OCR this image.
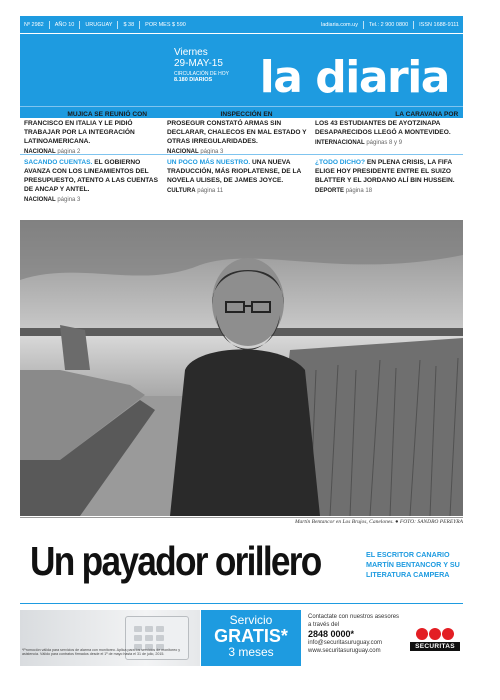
Nº 2982 AÑO 10 URUGUAY $ 38 POR MES $ 590	ladiaria.com.uy Tel.: 2 900 0800 ISSN 1688-9111
Viernes
29-MAY-15
CIRCULACIÓN DE HOY
8.180 DIARIOS	la diaria
NO ES PAPA. MUJICA SE REUNIÓ CON FRANCISCO EN ITALIA Y LE PIDIÓ TRABAJAR POR LA INTEGRACIÓN LATINOAMERICANA.
NACIONAL página 2
POCO SEGURO. INSPECCIÓN EN PROSEGUR CONSTATÓ ARMAS SIN DECLARAR, CHALECOS EN MAL ESTADO Y OTRAS IRREGULARIDADES.
NACIONAL página 3
DE SETIEMBRE A MAYO. LA CARAVANA POR LOS 43 ESTUDIANTES DE AYOTZINAPA DESAPARECIDOS LLEGÓ A MONTEVIDEO.
INTERNACIONAL páginas 8 y 9
SACANDO CUENTAS. EL GOBIERNO AVANZA CON LOS LINEAMIENTOS DEL PRESUPUESTO, ATENTO A LAS CUENTAS DE ANCAP Y ANTEL.
NACIONAL página 3
UN POCO MÁS NUESTRO. UNA NUEVA TRADUCCIÓN, MÁS RIOPLATENSE, DE LA NOVELA ULISES, DE JAMES JOYCE.
CULTURA página 11
¿TODO DICHO? EN PLENA CRISIS, LA FIFA ELIGE HOY PRESIDENTE ENTRE EL SUIZO BLATTER Y EL JORDANO ALÍ BIN HUSSEIN.
DEPORTE página 18
Martín Bentancor en Los Brujos, Canelones. ● FOTO: SANDRO PEREYRA
Un payador orillero	EL ESCRITOR CANARIO MARTÍN BENTANCOR Y SU LITERATURA CAMPERA
*Promoción válida para servicios de alarma con monitoreo. Aplica para los servicios de monitoreo y asistencia. Válido para contratos firmados desde el 1º de mayo hasta el 31 de julio, 2015.
Servicio
GRATIS*
3 meses
Contactate con nuestros asesores a través del
2848 0000*
info@securitasuruguay.com
www.securitasuruguay.com
SECURITAS
